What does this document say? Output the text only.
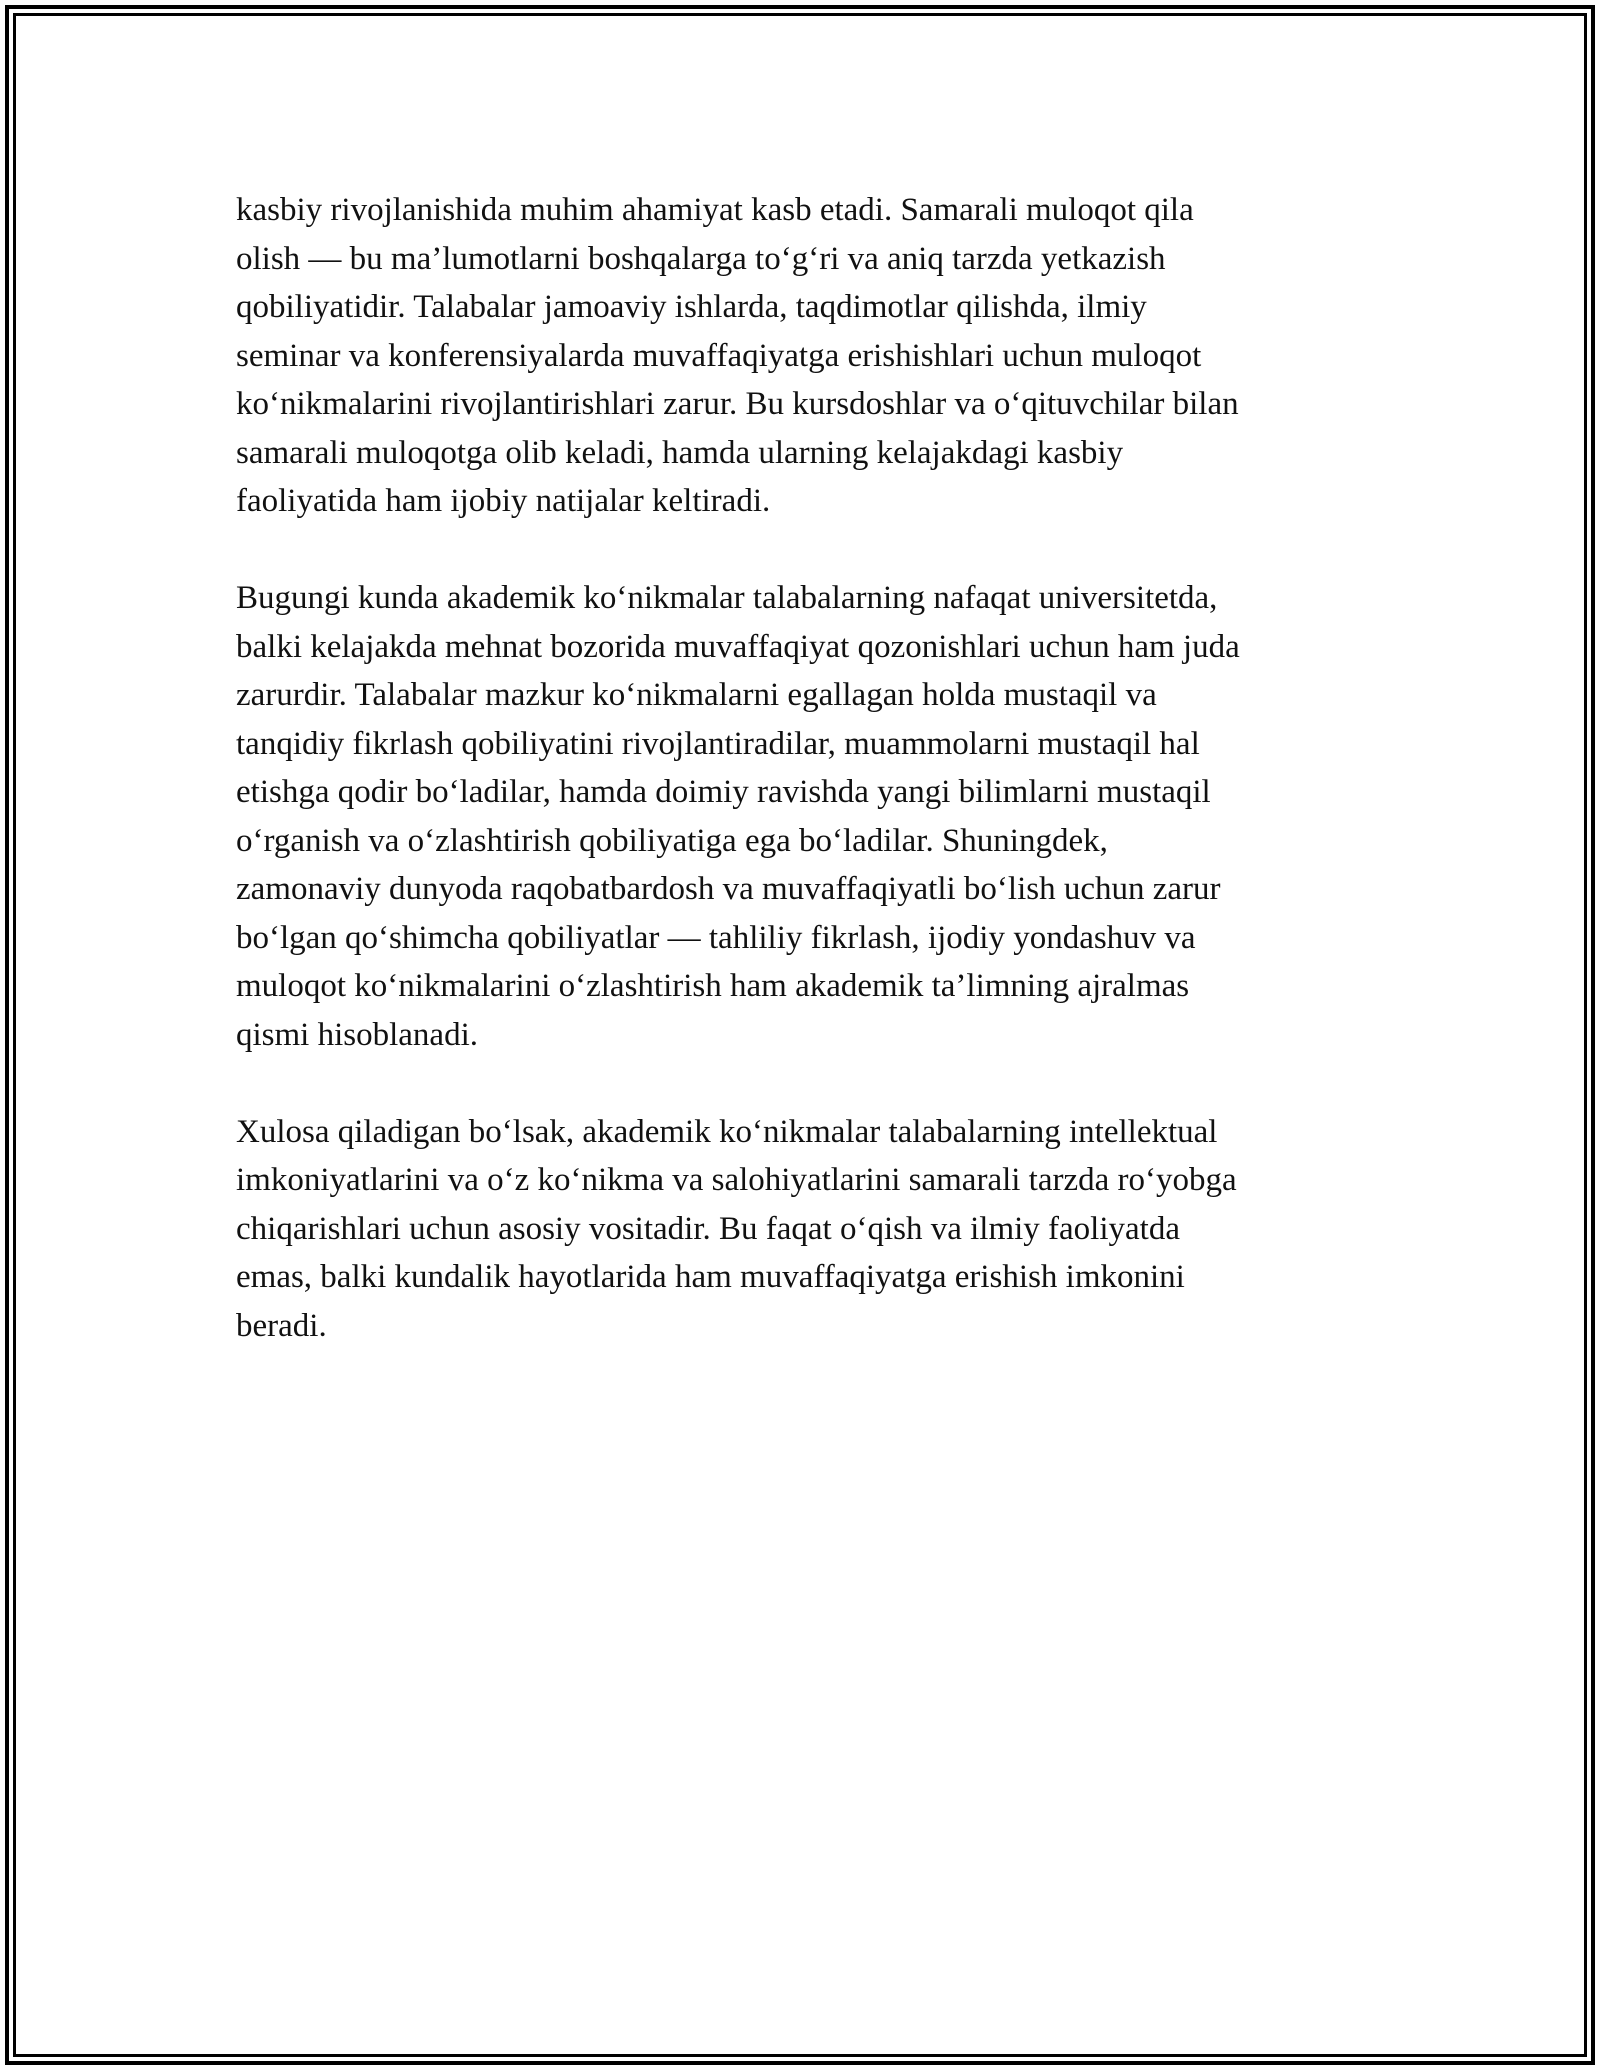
kasbiy rivojlanishida muhim ahamiyat kasb etadi. Samarali muloqot qila
olish — bu ma’lumotlarni boshqalarga to‘g‘ri va aniq tarzda yetkazish
qobiliyatidir. Talabalar jamoaviy ishlarda, taqdimotlar qilishda, ilmiy
seminar va konferensiyalarda muvaffaqiyatga erishishlari uchun muloqot
ko‘nikmalarini rivojlantirishlari zarur. Bu kursdoshlar va o‘qituvchilar bilan
samarali muloqotga olib keladi, hamda ularning kelajakdagi kasbiy
faoliyatida ham ijobiy natijalar keltiradi.

Bugungi kunda akademik ko‘nikmalar talabalarning nafaqat universitetda,
balki kelajakda mehnat bozorida muvaffaqiyat qozonishlari uchun ham juda
zarurdir. Talabalar mazkur ko‘nikmalarni egallagan holda mustaqil va
tanqidiy fikrlash qobiliyatini rivojlantiradilar, muammolarni mustaqil hal
etishga qodir bo‘ladilar, hamda doimiy ravishda yangi bilimlarni mustaqil
o‘rganish va o‘zlashtirish qobiliyatiga ega bo‘ladilar. Shuningdek,
zamonaviy dunyoda raqobatbardosh va muvaffaqiyatli bo‘lish uchun zarur
bo‘lgan qo‘shimcha qobiliyatlar — tahliliy fikrlash, ijodiy yondashuv va
muloqot ko‘nikmalarini o‘zlashtirish ham akademik ta’limning ajralmas
qismi hisoblanadi.

Xulosa qiladigan bo‘lsak, akademik ko‘nikmalar talabalarning intellektual
imkoniyatlarini va o‘z ko‘nikma va salohiyatlarini samarali tarzda ro‘yobga
chiqarishlari uchun asosiy vositadir. Bu faqat o‘qish va ilmiy faoliyatda
emas, balki kundalik hayotlarida ham muvaffaqiyatga erishish imkonini
beradi.
